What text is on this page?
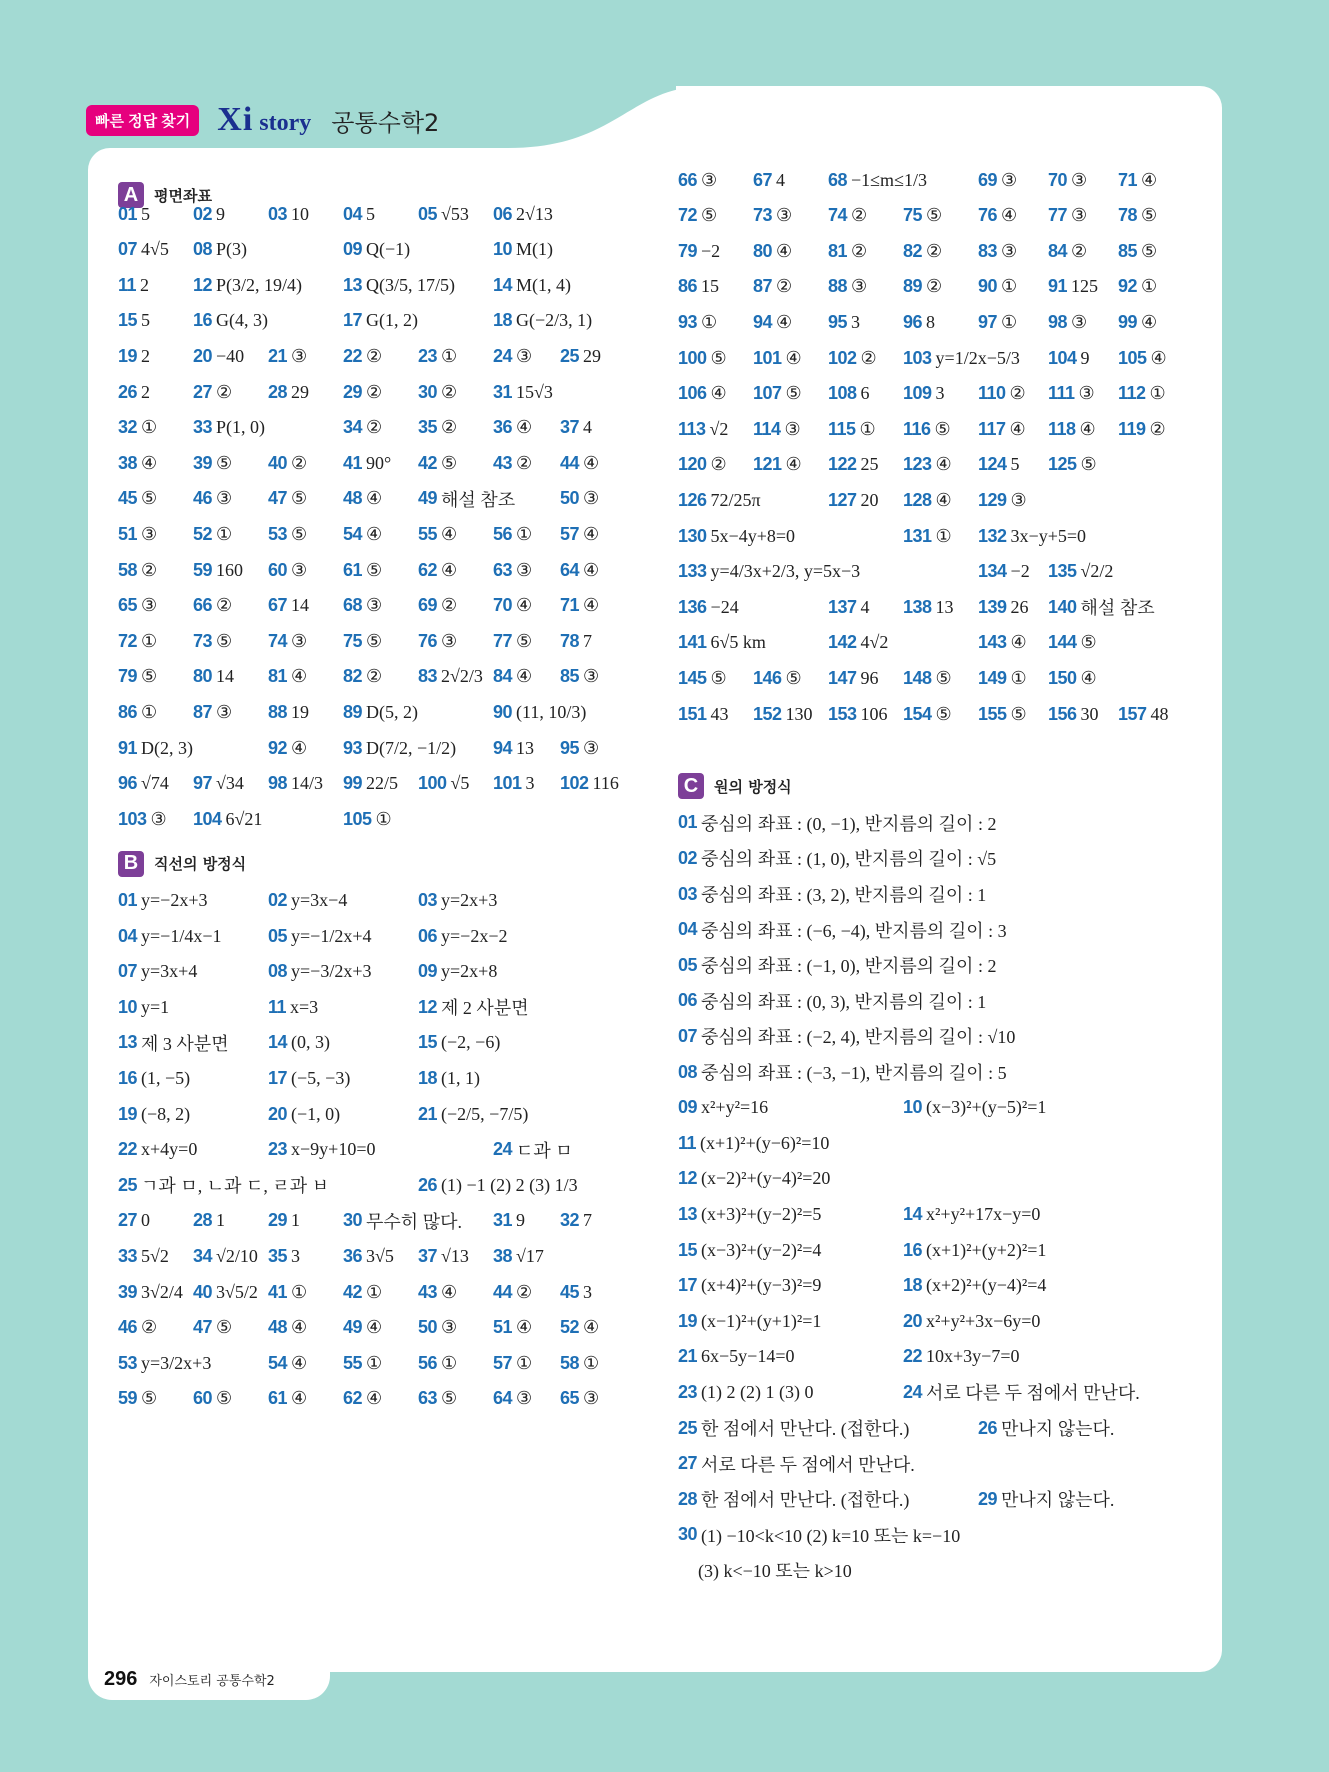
빠른 정답 찾기 Xi story 공통수학2
A	평면좌표
01 5 02 9 03 10 04 5 05 √53 06 2√13
07 4√5 08 P(3)	09 Q(−1)	10 M(1)
11 2 12 P(3/2, 19/4) 13 Q(3/5, 17/5) 14 M(1, 4)
15 5 16 G(4, 3)	17 G(1, 2)	18 G(−2/3, 1)
19 2 20 −40 21 ③ 22 ② 23 ① 24 ③ 25 29
26 2 27 ② 28 29 29 ② 30 ② 31 15√3
32 ① 33 P(1, 0)	34 ② 35 ② 36 ④ 37 4
38 ④ 39 ⑤ 40 ② 41 90° 42 ⑤ 43 ② 44 ④
45 ⑤ 46 ③ 47 ⑤ 48 ④ 49 해설 참조 50 ③
51 ③ 52 ① 53 ⑤ 54 ④ 55 ④ 56 ① 57 ④
58 ② 59 160 60 ③ 61 ⑤ 62 ④ 63 ③ 64 ④
65 ③ 66 ② 67 14 68 ③ 69 ② 70 ④ 71 ④
72 ① 73 ⑤ 74 ③ 75 ⑤ 76 ③ 77 ⑤ 78 7
79 ⑤ 80 14 81 ④ 82 ② 83 2√2/3 84 ④ 85 ③
86 ① 87 ③ 88 19 89 D(5, 2)	90 (11, 10/3)
91 D(2, 3)	92 ④ 93 D(7/2, −1/2) 94 13 95 ③
96 √74 97 √34 98 14/3 99 22/5 100 √5 101 3 102 116
103 ③ 104 6√21	105 ①
B	직선의 방정식
01 y=−2x+3	02 y=3x−4	03 y=2x+3
04 y=−1/4x−1	05 y=−1/2x+4	06 y=−2x−2
07 y=3x+4	08 y=−3/2x+3	09 y=2x+8
10 y=1	11 x=3	12 제 2 사분면
13 제 3 사분면 14 (0, 3)	15 (−2, −6)
16 (1, −5)	17 (−5, −3)	18 (1, 1)
19 (−8, 2)	20 (−1, 0)	21 (−2/5, −7/5)
22 x+4y=0	23 x−9y+10=0	24 ㄷ과 ㅁ
25 ㄱ과 ㅁ, ㄴ과 ㄷ, ㄹ과 ㅂ	26 (1) −1 (2) 2 (3) 1/3
27 0 28 1 29 1 30 무수히 많다. 31 9 32 7
33 5√2 34 √2/10 35 3 36 3√5 37 √13 38 √17
39 3√2/4 40 3√5/2 41 ① 42 ① 43 ④ 44 ② 45 3
46 ② 47 ⑤ 48 ④ 49 ④ 50 ③ 51 ④ 52 ④
53 y=3/2x+3	54 ④ 55 ① 56 ① 57 ① 58 ①
59 ⑤ 60 ⑤ 61 ④ 62 ④ 63 ⑤ 64 ③ 65 ③
66 ③ 67 4 68 −1≤m≤1/3	69 ③ 70 ③ 71 ④
72 ⑤ 73 ③ 74 ② 75 ⑤ 76 ④ 77 ③ 78 ⑤
79 −2 80 ④ 81 ② 82 ② 83 ③ 84 ② 85 ⑤
86 15 87 ② 88 ③ 89 ② 90 ① 91 125 92 ①
93 ① 94 ④ 95 3 96 8 97 ① 98 ③ 99 ④
100 ⑤ 101 ④ 102 ② 103 y=1/2x−5/3 104 9 105 ④
106 ④ 107 ⑤ 108 6 109 3 110 ② 111 ③ 112 ①
113 √2 114 ③ 115 ① 116 ⑤ 117 ④ 118 ④ 119 ②
120 ② 121 ④ 122 25 123 ④ 124 5 125 ⑤
126 72/25π	127 20 128 ④ 129 ③
130 5x−4y+8=0	131 ① 132 3x−y+5=0
133 y=4/3x+2/3, y=5x−3	134 −2 135 √2/2
136 −24	137 4 138 13 139 26 140 해설 참조
141 6√5 km	142 4√2	143 ④ 144 ⑤
145 ⑤ 146 ⑤ 147 96 148 ⑤ 149 ① 150 ④
151 43 152 130 153 106 154 ⑤ 155 ⑤ 156 30 157 48
C	원의 방정식
01 중심의 좌표 : (0, −1), 반지름의 길이 : 2
02 중심의 좌표 : (1, 0), 반지름의 길이 : √5
03 중심의 좌표 : (3, 2), 반지름의 길이 : 1
04 중심의 좌표 : (−6, −4), 반지름의 길이 : 3
05 중심의 좌표 : (−1, 0), 반지름의 길이 : 2
06 중심의 좌표 : (0, 3), 반지름의 길이 : 1
07 중심의 좌표 : (−2, 4), 반지름의 길이 : √10
08 중심의 좌표 : (−3, −1), 반지름의 길이 : 5
09 x²+y²=16	10 (x−3)²+(y−5)²=1
11 (x+1)²+(y−6)²=10
12 (x−2)²+(y−4)²=20
13 (x+3)²+(y−2)²=5	14 x²+y²+17x−y=0
15 (x−3)²+(y−2)²=4	16 (x+1)²+(y+2)²=1
17 (x+4)²+(y−3)²=9	18 (x+2)²+(y−4)²=4
19 (x−1)²+(y+1)²=1	20 x²+y²+3x−6y=0
21 6x−5y−14=0	22 10x+3y−7=0
23 (1) 2 (2) 1 (3) 0	24 서로 다른 두 점에서 만난다.
25 한 점에서 만난다. (접한다.)	26 만나지 않는다.
27 서로 다른 두 점에서 만난다.
28 한 점에서 만난다. (접한다.)	29 만나지 않는다.
30 (1) −10<k<10 (2) k=10 또는 k=−10
(3) k<−10 또는 k>10
296 자이스토리 공통수학2
